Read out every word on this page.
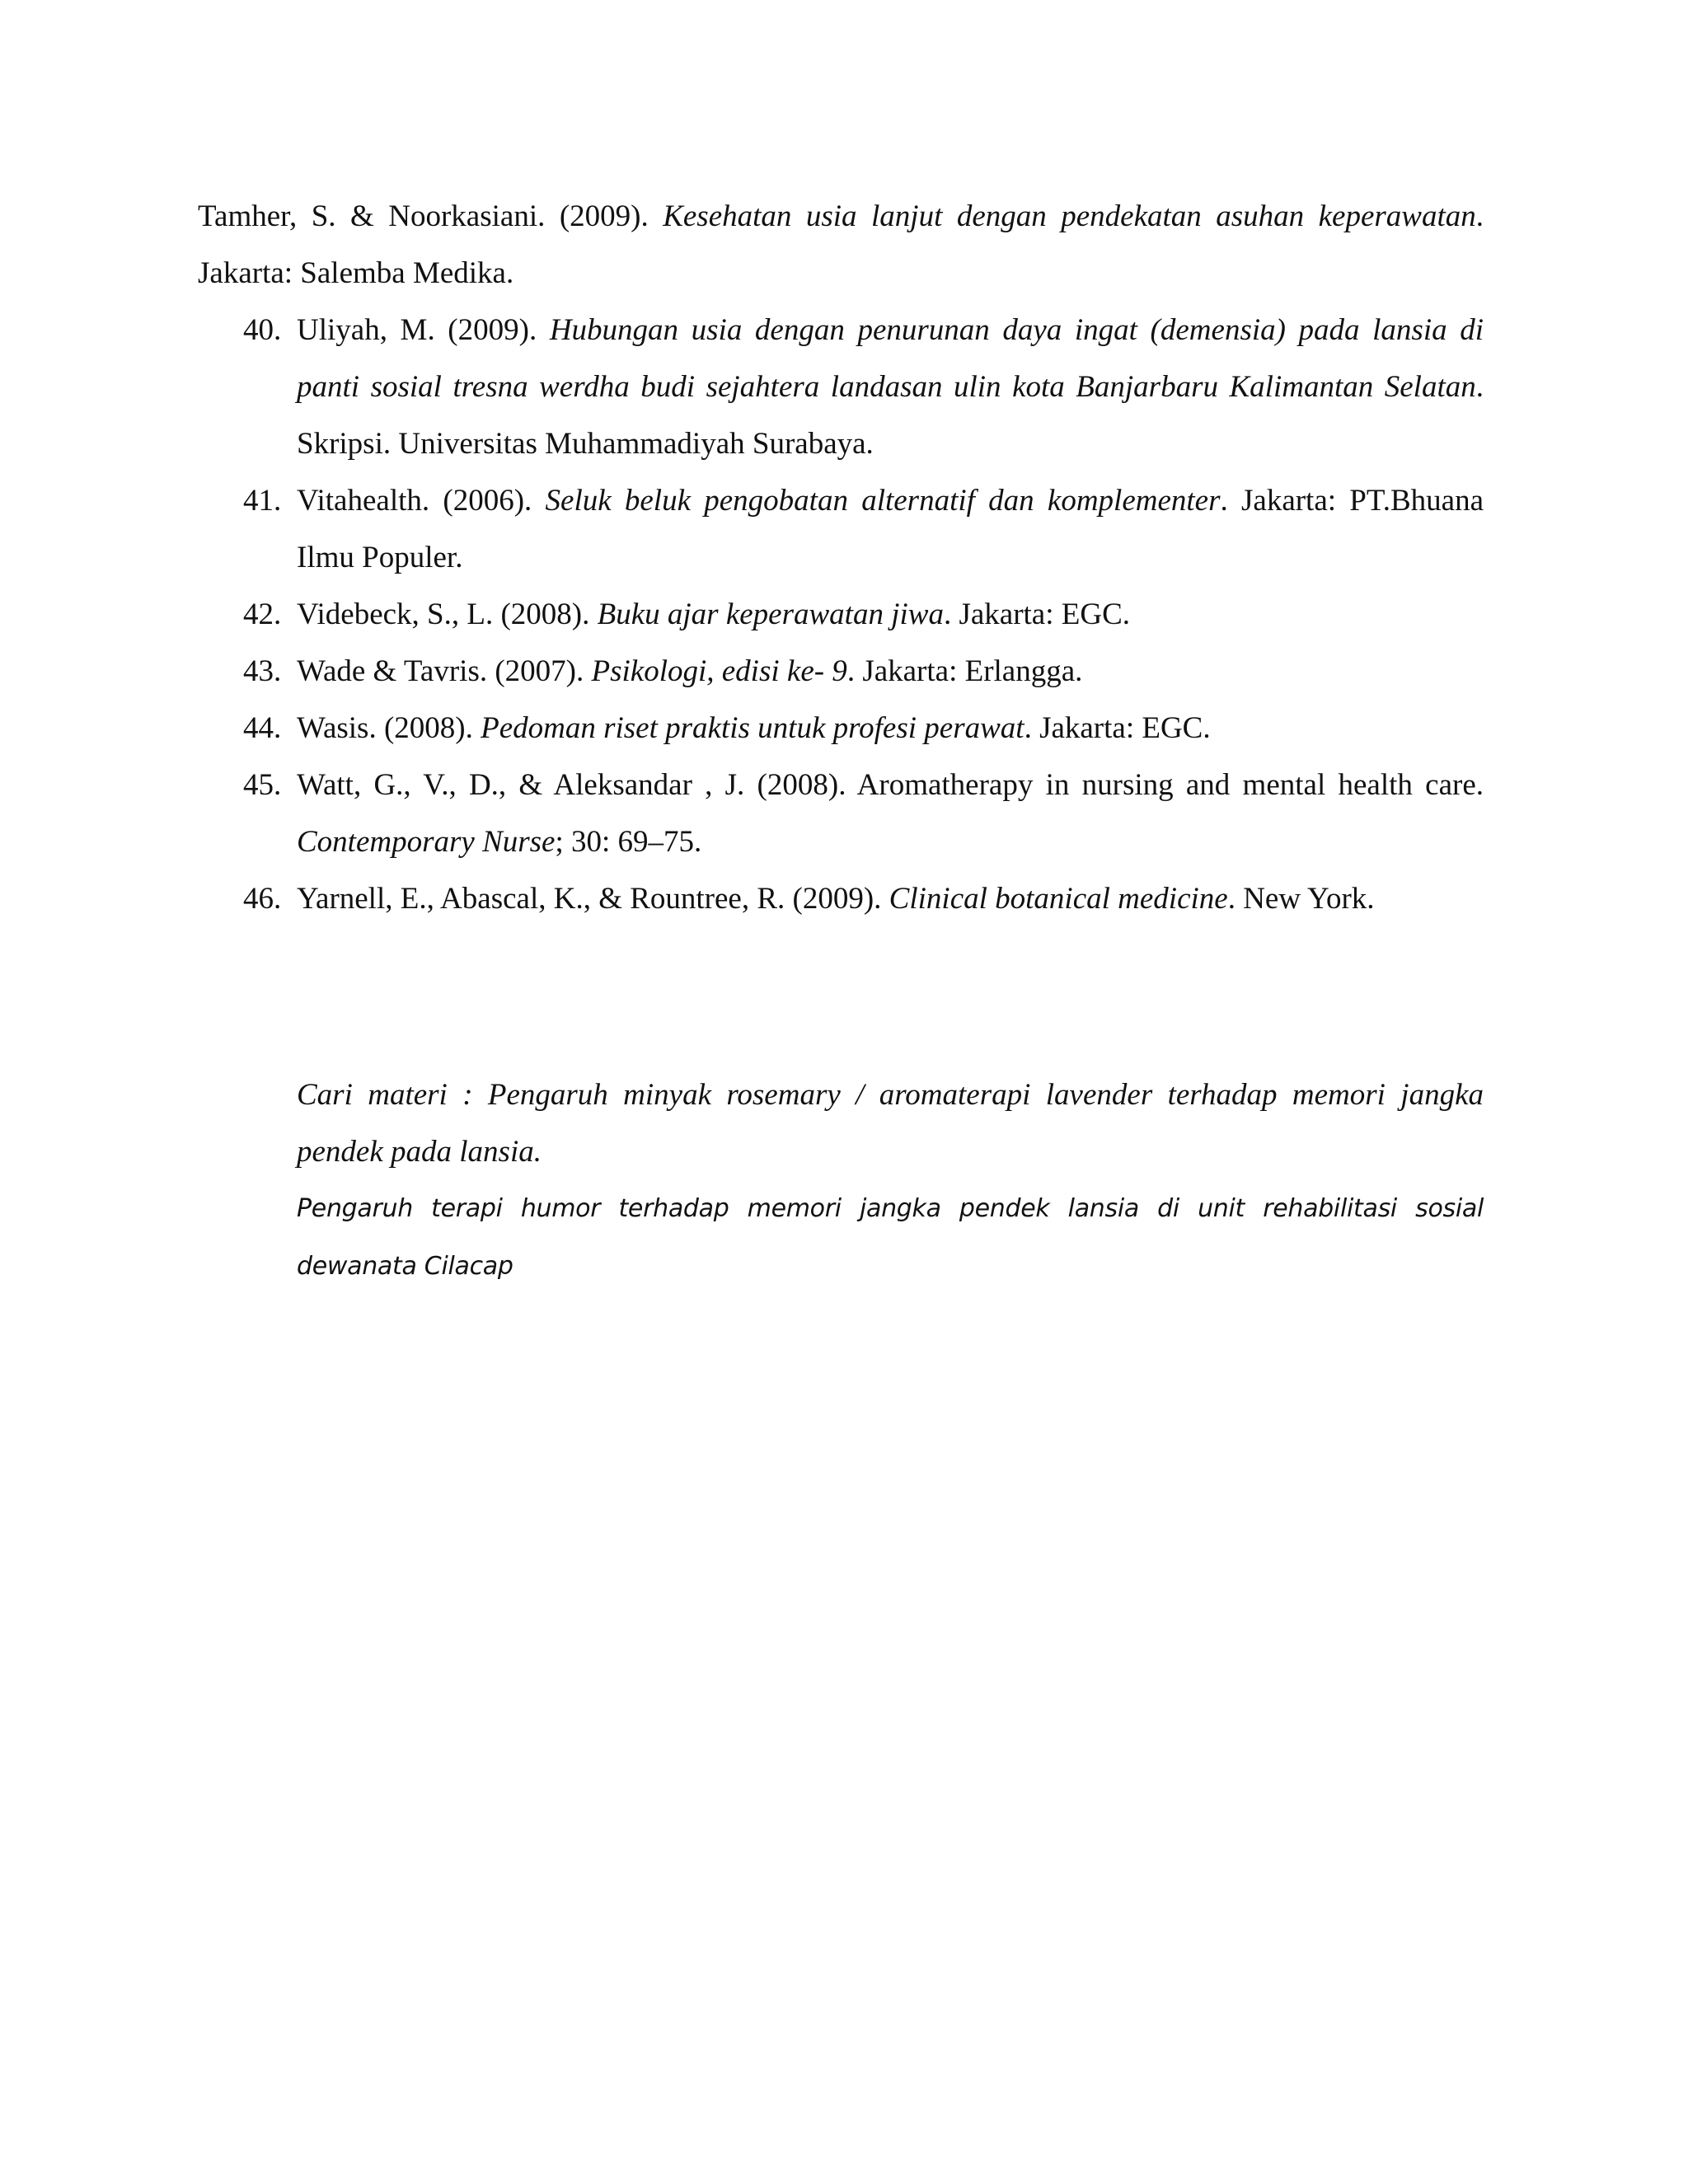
Tamher, S. & Noorkasiani. (2009). Kesehatan usia lanjut dengan pendekatan asuhan keperawatan. Jakarta: Salemba Medika.

40. Uliyah, M. (2009). Hubungan usia dengan penurunan daya ingat (demensia) pada lansia di panti sosial tresna werdha budi sejahtera landasan ulin kota Banjarbaru Kalimantan Selatan. Skripsi. Universitas Muhammadiyah Surabaya.
41. Vitahealth. (2006). Seluk beluk pengobatan alternatif dan komplementer. Jakarta: PT.Bhuana Ilmu Populer.
42. Videbeck, S., L. (2008). Buku ajar keperawatan jiwa. Jakarta: EGC.
43. Wade & Tavris. (2007). Psikologi, edisi ke- 9. Jakarta: Erlangga.
44. Wasis. (2008). Pedoman riset praktis untuk profesi perawat. Jakarta: EGC.
45. Watt, G., V., D., & Aleksandar , J. (2008). Aromatherapy in nursing and mental health care. Contemporary Nurse; 30: 69–75.
46. Yarnell, E., Abascal, K., & Rountree, R. (2009). Clinical botanical medicine. New York.

Cari materi : Pengaruh minyak rosemary / aromaterapi lavender terhadap memori jangka pendek pada lansia.

Pengaruh terapi humor terhadap memori jangka pendek lansia di unit rehabilitasi sosial dewanata Cilacap
